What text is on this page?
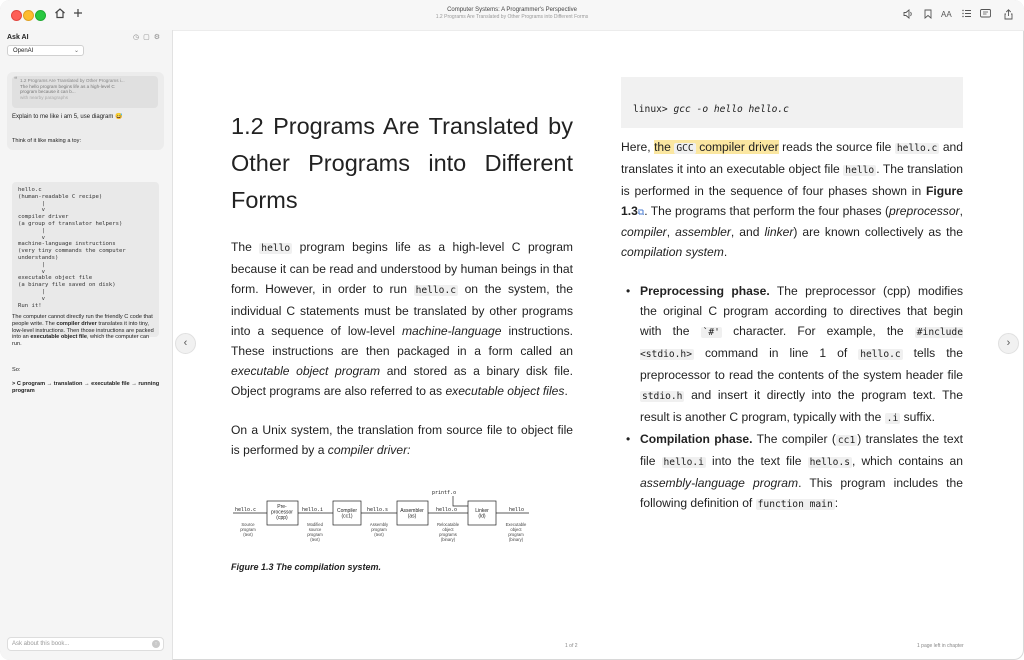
Computer Systems: A Programmer's Perspective
1.2 Programs Are Translated by Other Programs into Different Forms	AA
Ask AI	◷▢⚙
OpenAI	⌄
❝ 1.2 Programs Are Translated by Other Programs i...
The hello program begins life as a high-level C
program because it can b...
with nearby paragraphs
Explain to me like i am 5, use diagram 😅
Think of it like making a toy:
hello.c
(human-readable C recipe)
|
v
compiler driver
(a group of translator helpers)
|
v
machine-language instructions
(very tiny commands the computer
understands)
|
v
executable object file
(a binary file saved on disk)
|
v
Run it!
The computer cannot directly run the friendly C code that people write. The compiler driver translates it into tiny, low-level instructions. Then those instructions are packed into an executable object file, which the computer can run.
So:
> C program → translation → executable file → running program
Ask about this book...	↑
‹	›
1.2 Programs Are Translated by Other Programs into Different Forms

The hello program begins life as a high-level C program because it can be read and understood by human beings in that form. However, in order to run hello.c on the system, the individual C statements must be translated by other programs into a sequence of low-level machine-language instructions. These instructions are then packaged in a form called an executable object program and stored as a binary disk file. Object programs are also referred to as executable object files.

On a Unix system, the translation from source file to object file is performed by a compiler driver:

hello.c	hello.i	hello.s	hello.o	hello
printf.o
Pre-processor (cpp)
Compiler (cc1)
Assembler (as)
Linker (ld)
Source program (text)
Modified source program (text)
Assembly program (text)
Relocatable object programs (binary)
Executable object program (binary)
Figure 1.3 The compilation system.
linux> gcc -o hello hello.c

Here, the GCC compiler driver reads the source file hello.c and translates it into an executable object file hello . The translation is performed in the sequence of four phases shown in Figure 1.3⧉. The programs that perform the four phases (preprocessor, compiler, assembler, and linker) are known collectively as the compilation system.

• Preprocessing phase. The preprocessor (cpp) modifies the original C program according to directives that begin with the `#' character. For example, the #include <stdio.h> command in line 1 of hello.c tells the preprocessor to read the contents of the system header file stdio.h and insert it directly into the program text. The result is another C program, typically with the .i suffix.
• Compilation phase. The compiler ( cc1 ) translates the text file hello.i into the text file hello.s , which contains an assembly-language program. This program includes the following definition of function main :
1 of 2	1 page left in chapter
